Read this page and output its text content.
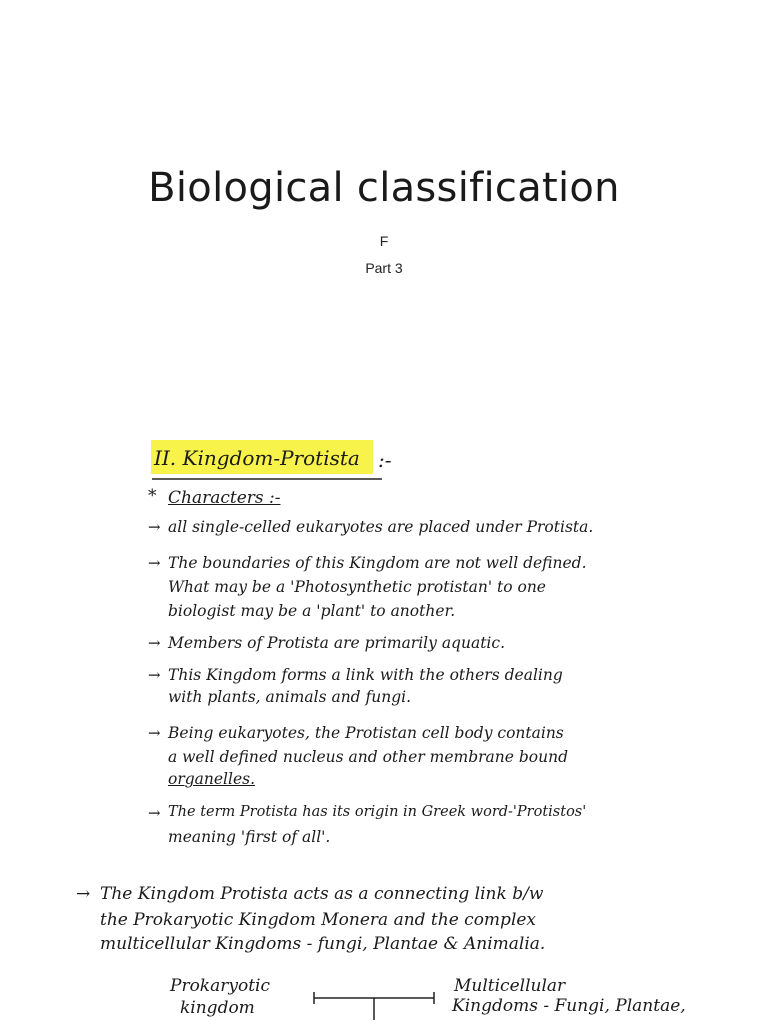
Biological classification
F
Part 3
II. Kingdom-Protista :-
* Characters :-
→ all single-celled eukaryotes are placed under Protista.
→ The boundaries of this Kingdom are not well defined.
What may be a 'Photosynthetic protistan' to one
biologist may be a 'plant' to another.
→ Members of Protista are primarily aquatic.
→ This Kingdom forms a link with the others dealing
with plants, animals and fungi.
→ Being eukaryotes, the Protistan cell body contains
a well defined nucleus and other membrane bound
organelles.
→ The term Protista has its origin in Greek word-'Protistos'
meaning 'first of all'.
→ The Kingdom Protista acts as a connecting link b/w
the Prokaryotic Kingdom Monera and the complex
multicellular Kingdoms - fungi, Plantae & Animalia.
Prokaryotic
kingdom
Multicellular
Kingdoms - Fungi, Plantae,
